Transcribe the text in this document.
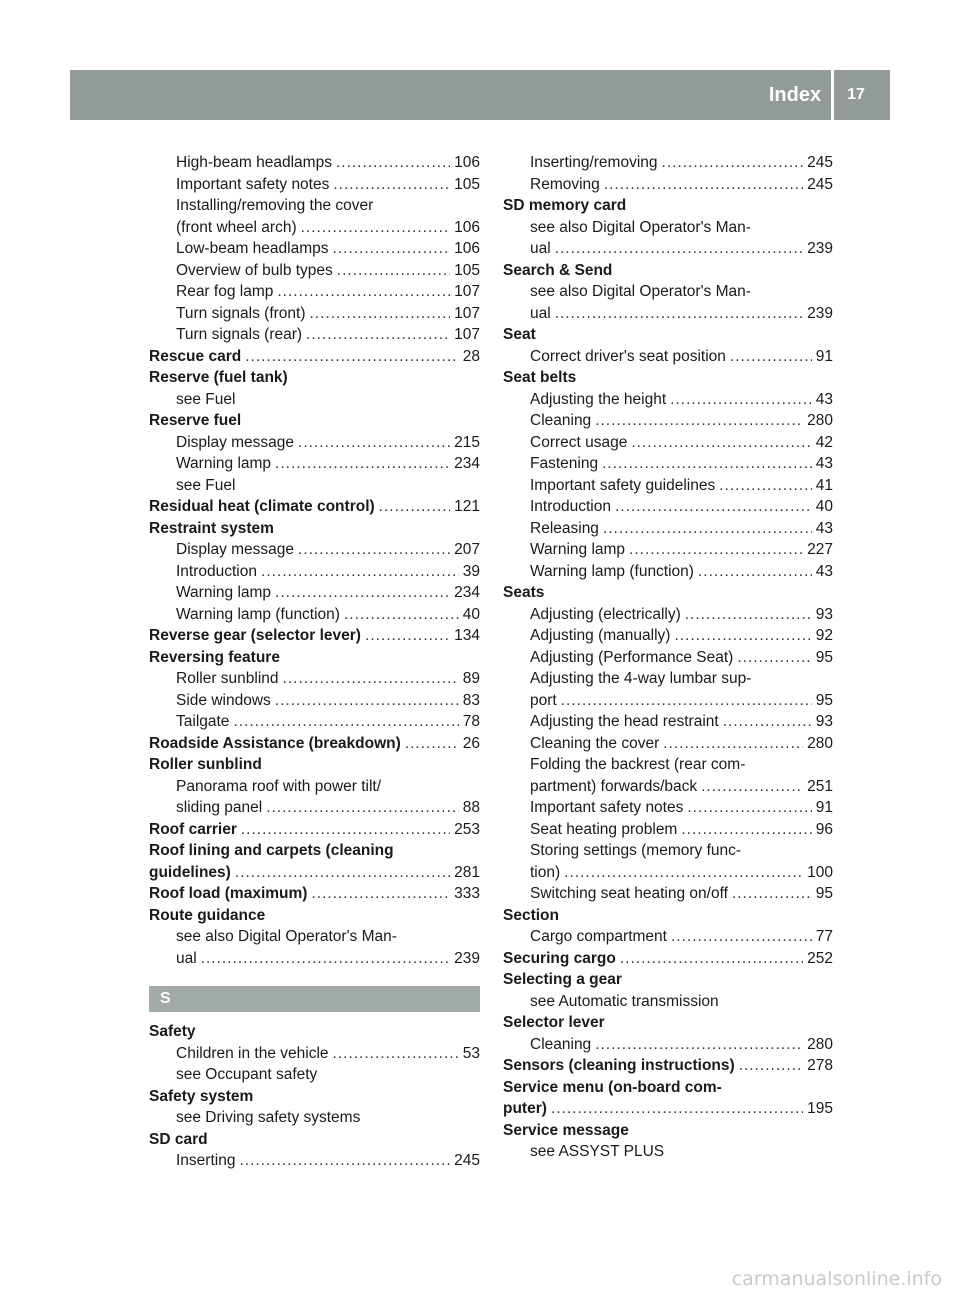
Index	17
High-beam headlamps .....	106
Important safety notes .....	105
Installing/removing the cover
(front wheel arch) .....	106
Low-beam headlamps .....	106
Overview of bulb types .....	105
Rear fog lamp .....	107
Turn signals (front) .....	107
Turn signals (rear) .....	107
Rescue card .....	28
Reserve (fuel tank)
see Fuel
Reserve fuel
Display message .....	215
Warning lamp .....	234
see Fuel
Residual heat (climate control) .....	121
Restraint system
Display message .....	207
Introduction .....	39
Warning lamp .....	234
Warning lamp (function) .....	40
Reverse gear (selector lever) .....	134
Reversing feature
Roller sunblind .....	89
Side windows .....	83
Tailgate .....	78
Roadside Assistance (breakdown) .....	26
Roller sunblind
Panorama roof with power tilt/
sliding panel .....	88
Roof carrier .....	253
Roof lining and carpets (cleaning
guidelines) .....	281
Roof load (maximum) .....	333
Route guidance
see also Digital Operator's Man-
ual .....	239
S
Safety
Children in the vehicle .....	53
see Occupant safety
Safety system
see Driving safety systems
SD card
Inserting .....	245
Inserting/removing .....	245
Removing .....	245
SD memory card
see also Digital Operator's Man-
ual .....	239
Search & Send
see also Digital Operator's Man-
ual .....	239
Seat
Correct driver's seat position .....	91
Seat belts
Adjusting the height .....	43
Cleaning .....	280
Correct usage .....	42
Fastening .....	43
Important safety guidelines .....	41
Introduction .....	40
Releasing .....	43
Warning lamp .....	227
Warning lamp (function) .....	43
Seats
Adjusting (electrically) .....	93
Adjusting (manually) .....	92
Adjusting (Performance Seat) .....	95
Adjusting the 4-way lumbar sup-
port .....	95
Adjusting the head restraint .....	93
Cleaning the cover .....	280
Folding the backrest (rear com-
partment) forwards/back .....	251
Important safety notes .....	91
Seat heating problem .....	96
Storing settings (memory func-
tion) .....	100
Switching seat heating on/off .....	95
Section
Cargo compartment .....	77
Securing cargo .....	252
Selecting a gear
see Automatic transmission
Selector lever
Cleaning .....	280
Sensors (cleaning instructions) .....	278
Service menu (on-board com-
puter) .....	195
Service message
see ASSYST PLUS
carmanualsonline.info
